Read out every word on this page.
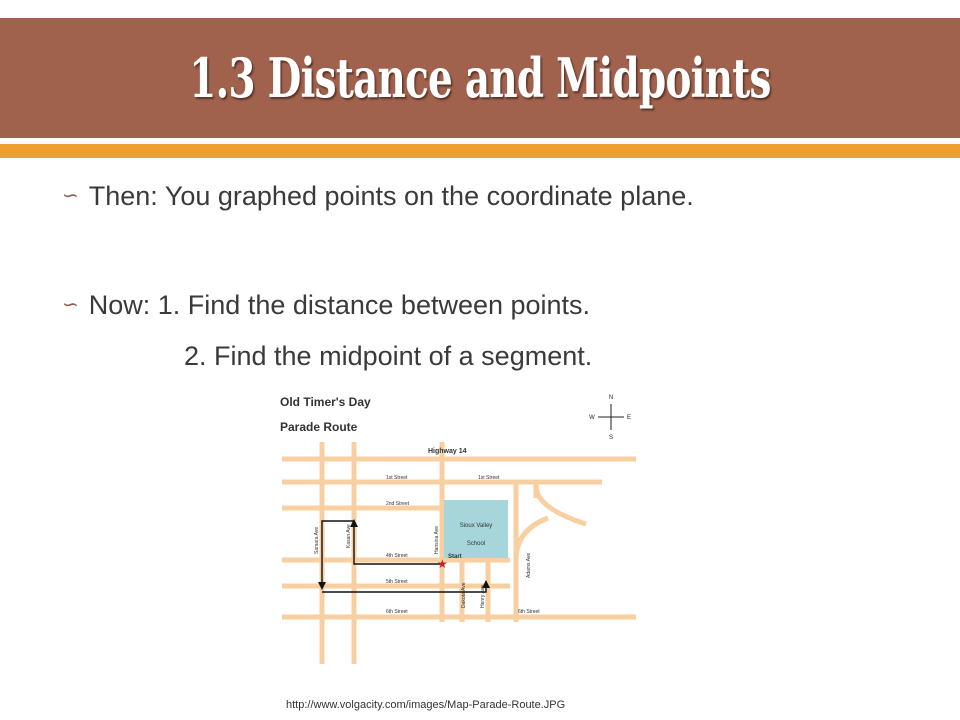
1.3 Distance and Midpoints
∽ Then: You graphed points on the coordinate plane.
∽ Now: 1. Find the distance between points.
2. Find the midpoint of a segment.
Sioux Valley
School
★
Old Timer's Day
Parade Route
N
S
E
W
Highway 14
1st Street	1st Street
2nd Street
4th Street
5th Street
6th Street	6th Street
Start
Samara Ave	Kasan Ave	Hansina Ave
Dakota Ave	Henry Ave
Adams Ave
http://www.volgacity.com/images/Map-Parade-Route.JPG
